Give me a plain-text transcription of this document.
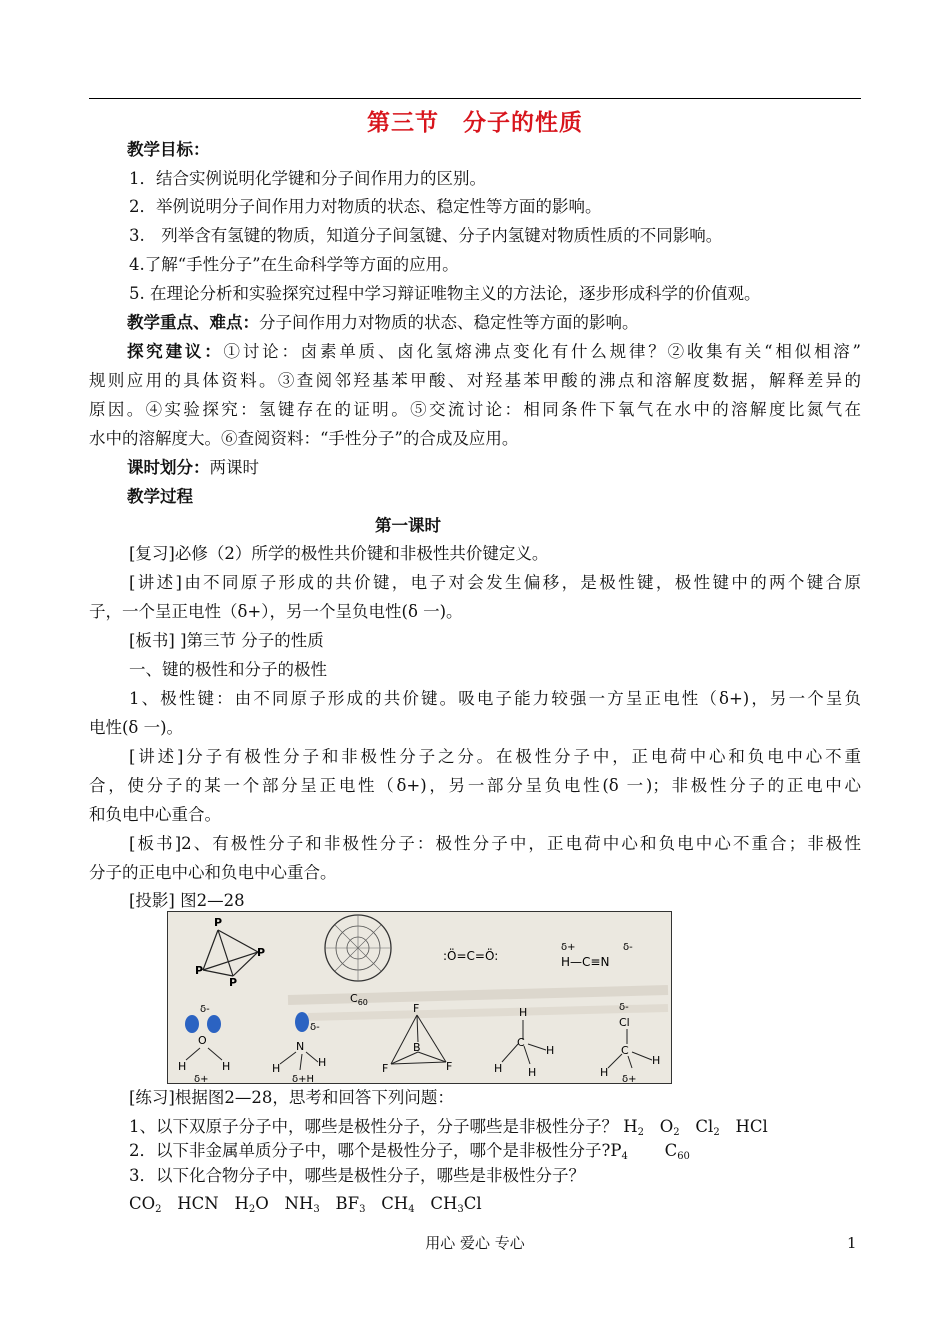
第三节　分子的性质
教学目标：
1．结合实例说明化学键和分子间作用力的区别。
2．举例说明分子间作用力对物质的状态、稳定性等方面的影响。
3.　列举含有氢键的物质，知道分子间氢键、分子内氢键对物质性质的不同影响。
4.了解“手性分子”在生命科学等方面的应用。
5. 在理论分析和实验探究过程中学习辩证唯物主义的方法论，逐步形成科学的价值观。
教学重点、难点：分子间作用力对物质的状态、稳定性等方面的影响。
探究建议：①讨论：卤素单质、卤化氢熔沸点变化有什么规律？②收集有关“相似相溶”
规则应用的具体资料。③查阅邻羟基苯甲酸、对羟基苯甲酸的沸点和溶解度数据，解释差异的
原因。④实验探究：氢键存在的证明。⑤交流讨论：相同条件下氧气在水中的溶解度比氮气在
水中的溶解度大。⑥查阅资料：“手性分子”的合成及应用。
课时划分：两课时
教学过程
第一课时
[复习]必修（2）所学的极性共价键和非极性共价键定义。
[讲述]由不同原子形成的共价键，电子对会发生偏移，是极性键，极性键中的两个键合原
子，一个呈正电性（δ+），另一个呈负电性(δ 一)。
[板书] ]第三节 分子的性质
一、键的极性和分子的极性
1、极性键：由不同原子形成的共价键。吸电子能力较强一方呈正电性（δ+)，另一个呈负
电性(δ 一)。
[讲述]分子有极性分子和非极性分子之分。在极性分子中，正电荷中心和负电中心不重
合，使分子的某一个部分呈正电性（δ+)，另一部分呈负电性(δ 一)；非极性分子的正电中心
和负电中心重合。
[板书]2、有极性分子和非极性分子：极性分子中，正电荷中心和负电中心不重合；非极性
分子的正电中心和负电中心重合。
[投影] 图2—28
P
P
P
P
$C_{60}$
:Ö=C=Ö:
δ+	δ-
H—C≡N
δ-
O
H	H
δ+
δ-
N
H	H
δ+H
F
B
F	F
H
C
H
H
H
δ-
Cl
C
H
H
δ+
[练习]根据图2—28，思考和回答下列问题：
1、以下双原子分子中，哪些是极性分子，分子哪些是非极性分子？ $H_2$ $O_2$ $Cl_2$ HCl
2．以下非金属单质分子中，哪个是极性分子，哪个是非极性分子$?P_4$ $C_{60}$
3．以下化合物分子中，哪些是极性分子，哪些是非极性分子？
$CO_2$ HCN $H_2O$ $NH_3$ $BF_3$ $CH_4$ $CH_3Cl$
用心 爱心 专心	1
